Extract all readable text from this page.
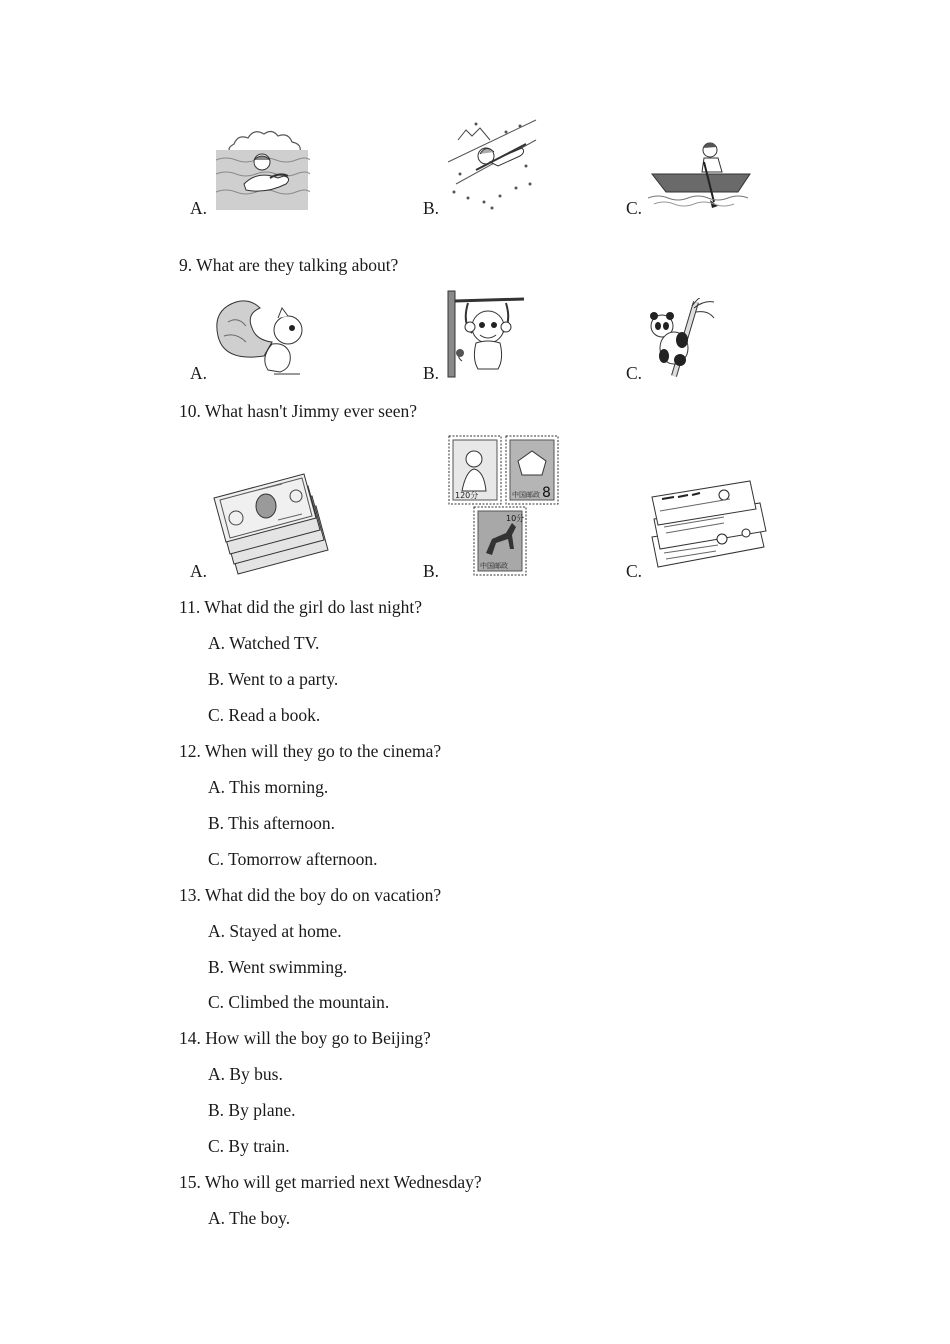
A.	B.	C.
9. What are they talking about?
A.	B.	C.
10. What hasn't Jimmy ever seen?
A.	B.
120分	中国邮政 8
10分
中国邮政	C.
11. What did the girl do last night?
A. Watched TV.
B. Went to a party.
C. Read a book.
12. When will they go to the cinema?
A. This morning.
B. This afternoon.
C. Tomorrow afternoon.
13. What did the boy do on vacation?
A. Stayed at home.
B. Went swimming.
C. Climbed the mountain.
14. How will the boy go to Beijing?
A. By bus.
B. By plane.
C. By train.
15. Who will get married next Wednesday?
A. The boy.
